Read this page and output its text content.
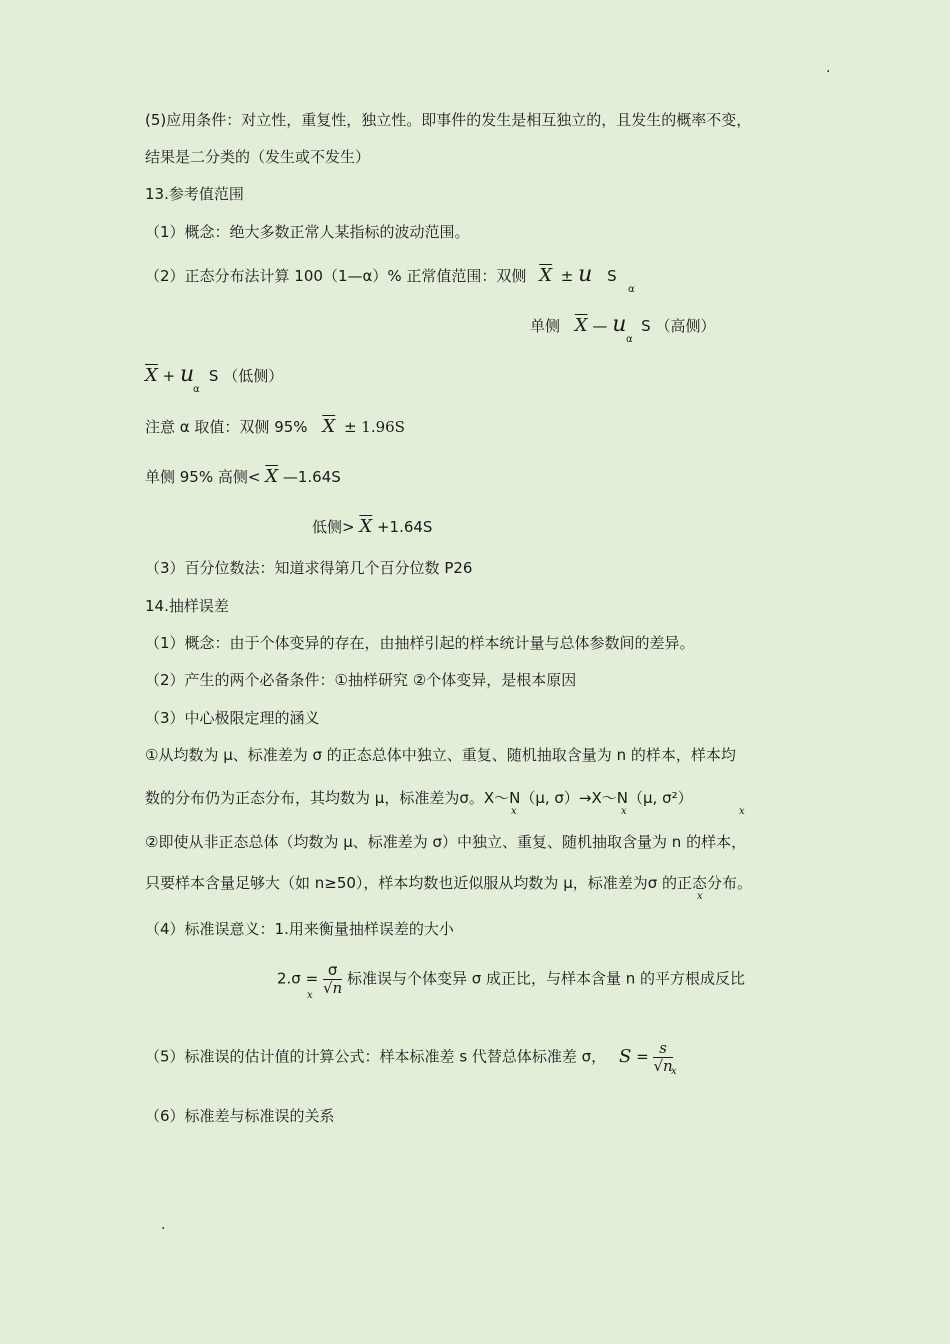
.
(5)应用条件：对立性，重复性，独立性。即事件的发生是相互独立的，且发生的概率不变，
结果是二分类的（发生或不发生）
13.参考值范围
（1）概念：绝大多数正常人某指标的波动范围。
（2）正态分布法计算 100（1—α）% 正常值范围：双侧 $\overline{X} \pm u$ S
α
单侧 $\overline{X}$ — u S （高侧）
α
$\overline{X} + u$ S （低侧）
α
注意 α 取值：双侧 95% $\overline{X} \pm 1.96S$
单侧 95% 高侧< $\overline{X}$ —1.64S
低侧> $\overline{X} +1.64S$
（3）百分位数法：知道求得第几个百分位数 P26
14.抽样误差
（1）概念：由于个体变异的存在，由抽样引起的样本统计量与总体参数间的差异。
（2）产生的两个必备条件：①抽样研究 ②个体变异，是根本原因
（3）中心极限定理的涵义
①从均数为 μ、标准差为 σ 的正态总体中独立、重复、随机抽取含量为 n 的样本，样本均
数的分布仍为正态分布，其均数为 μ，标准差为σ。X～N（μ, σ）→X～N（μ, σ²）
x	x	x
②即使从非正态总体（均数为 μ、标准差为 σ）中独立、重复、随机抽取含量为 n 的样本，
只要样本含量足够大（如 n≥50），样本均数也近似服从均数为 μ，标准差为σ 的正态分布。
x
（4）标准误意义：1.用来衡量抽样误差的大小
$2.\sigma = \frac{\sigma}{√n}$ 标准误与个体变异 σ 成正比，与样本含量 n 的平方根成反比
x
（5）标准误的估计值的计算公式：样本标准差 s 代替总体标准差 σ， $S = \frac{s}{√n}$
x
（6）标准差与标准误的关系
.
